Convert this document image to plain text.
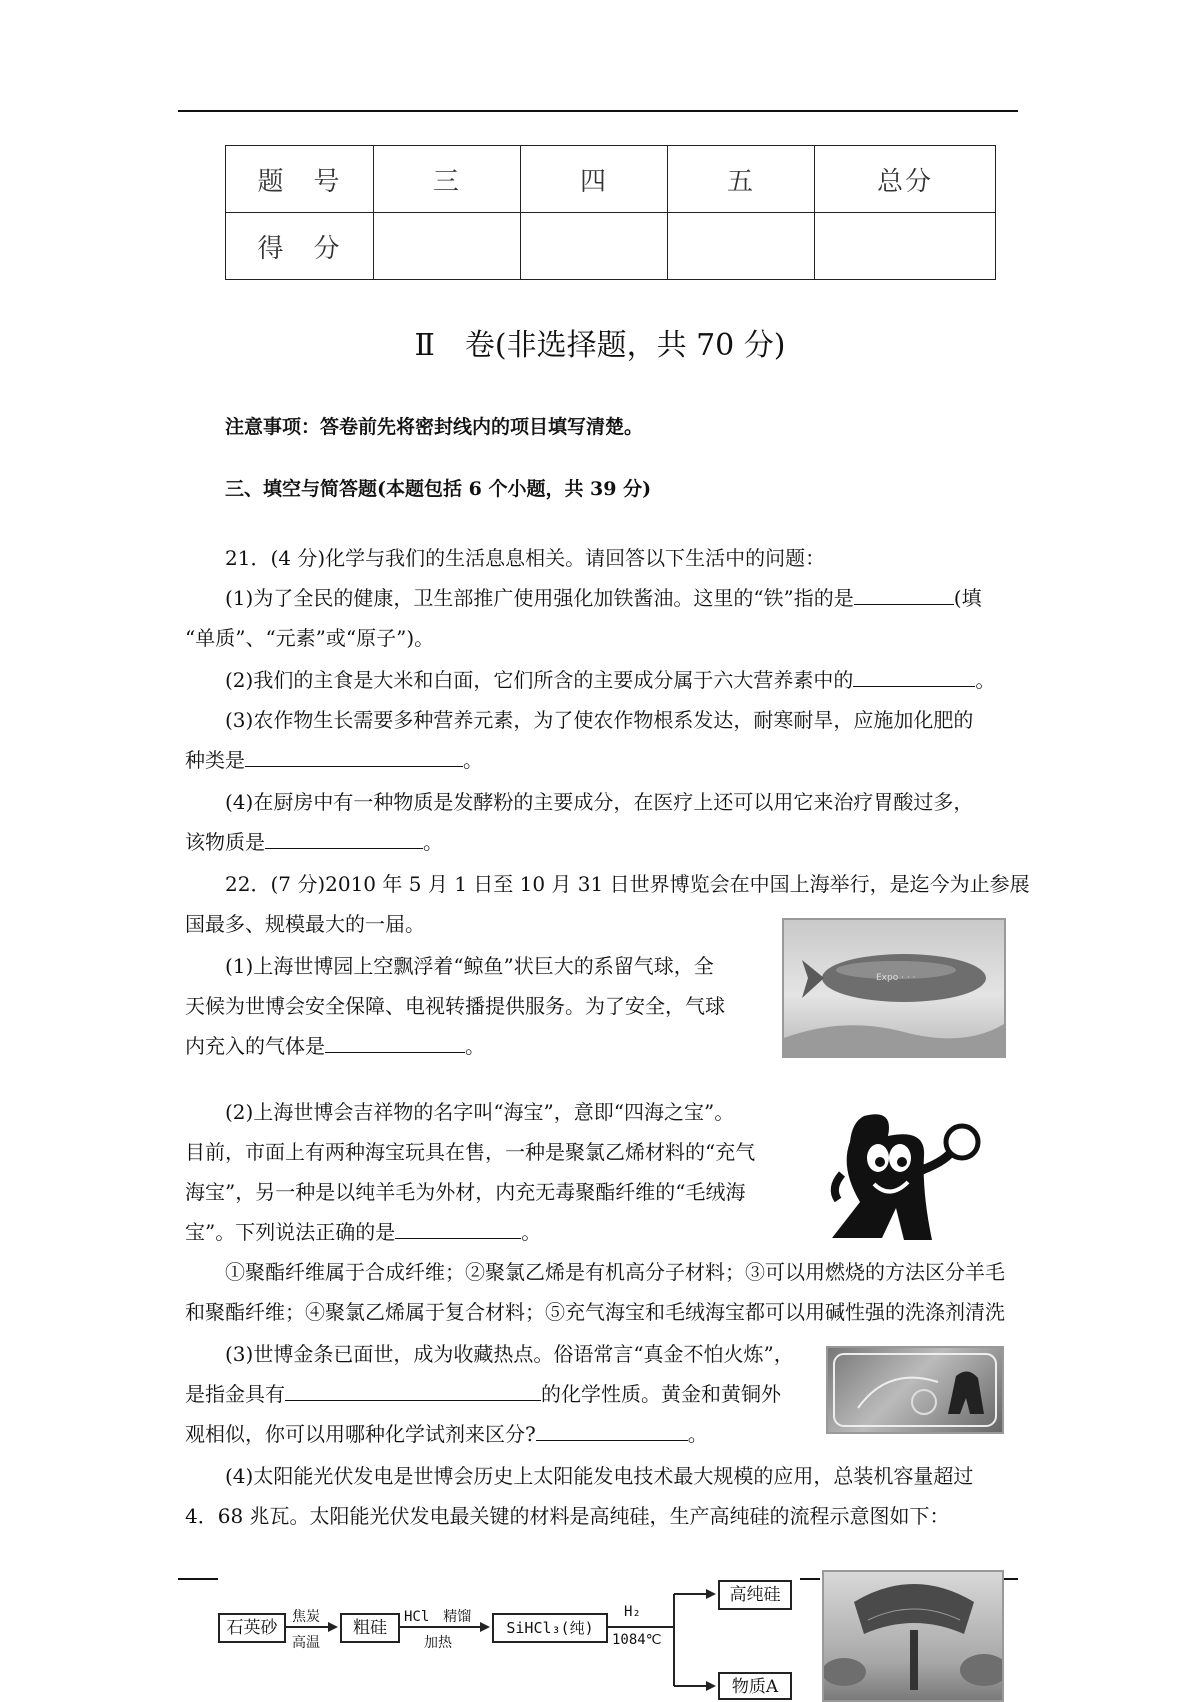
题　号	三	四	五	总分
得　分				
Ⅱ　卷(非选择题，共 70 分)
注意事项：答卷前先将密封线内的项目填写清楚。
三、填空与简答题(本题包括 6 个小题，共 39 分)
21．(4 分)化学与我们的生活息息相关。请回答以下生活中的问题：
(1)为了全民的健康，卫生部推广使用强化加铁酱油。这里的“铁”指的是	(填
“单质”、“元素”或“原子”)。
(2)我们的主食是大米和白面，它们所含的主要成分属于六大营养素中的	。
(3)农作物生长需要多种营养元素，为了使农作物根系发达，耐寒耐旱，应施加化肥的
种类是	。
(4)在厨房中有一种物质是发酵粉的主要成分，在医疗上还可以用它来治疗胃酸过多，
该物质是	。
22．(7 分)2010 年 5 月 1 日至 10 月 31 日世界博览会在中国上海举行，是迄今为止参展
国最多、规模最大的一届。
(1)上海世博园上空飘浮着“鲸鱼”状巨大的系留气球，全
天候为世博会安全保障、电视转播提供服务。为了安全，气球
内充入的气体是	。
Expo · · ·
(2)上海世博会吉祥物的名字叫“海宝”，意即“四海之宝”。
目前，市面上有两种海宝玩具在售，一种是聚氯乙烯材料的“充气
海宝”，另一种是以纯羊毛为外材，内充无毒聚酯纤维的“毛绒海
宝”。下列说法正确的是	。
①聚酯纤维属于合成纤维；②聚氯乙烯是有机高分子材料；③可以用燃烧的方法区分羊毛
和聚酯纤维；④聚氯乙烯属于复合材料；⑤充气海宝和毛绒海宝都可以用碱性强的洗涤剂清洗
(3)世博金条已面世，成为收藏热点。俗语常言“真金不怕火炼”，
是指金具有	的化学性质。黄金和黄铜外
观相似，你可以用哪种化学试剂来区分?	。
(4)太阳能光伏发电是世博会历史上太阳能发电技术最大规模的应用，总装机容量超过
4．68 兆瓦。太阳能光伏发电最关键的材料是高纯硅，生产高纯硅的流程示意图如下：
石英砂
焦炭
高温
粗硅
HCl　精馏
加热
SiHCl₃(纯)
H₂
1084℃
高纯硅
物质A
